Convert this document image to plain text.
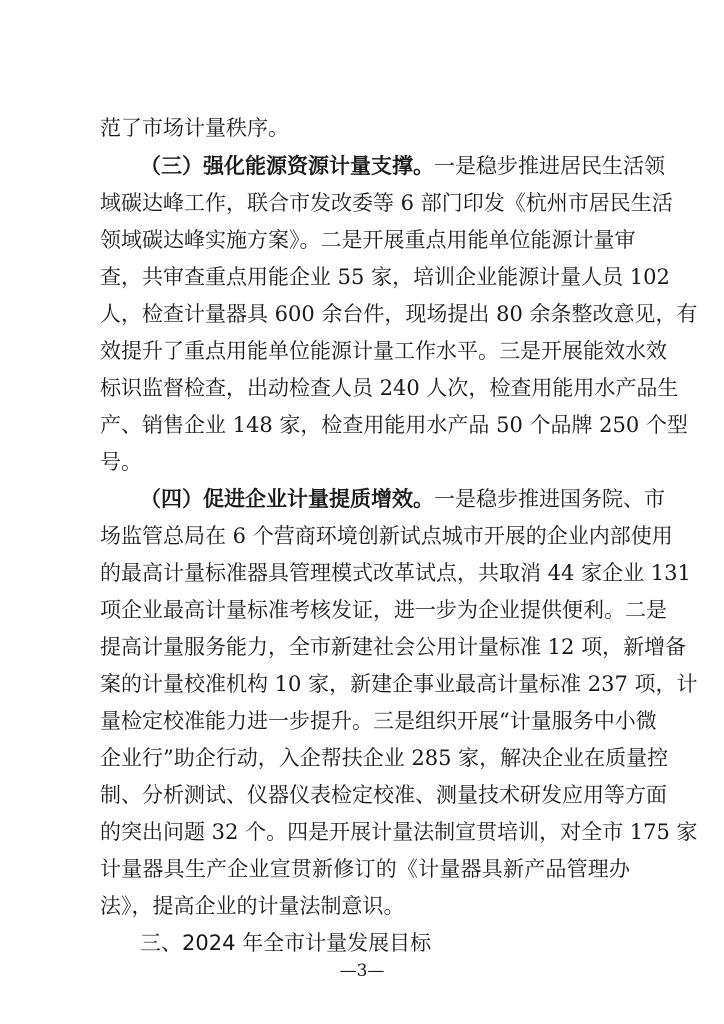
范了市场计量秩序。
（三）强化能源资源计量支撑。一是稳步推进居民生活领
域碳达峰工作，联合市发改委等 6 部门印发《杭州市居民生活
领域碳达峰实施方案》。二是开展重点用能单位能源计量审
查，共审查重点用能企业 55 家，培训企业能源计量人员 102
人，检查计量器具 600 余台件，现场提出 80 余条整改意见，有
效提升了重点用能单位能源计量工作水平。三是开展能效水效
标识监督检查，出动检查人员 240 人次，检查用能用水产品生
产、销售企业 148 家，检查用能用水产品 50 个品牌 250 个型
号。
（四）促进企业计量提质增效。一是稳步推进国务院、市
场监管总局在 6 个营商环境创新试点城市开展的企业内部使用
的最高计量标准器具管理模式改革试点，共取消 44 家企业 131
项企业最高计量标准考核发证，进一步为企业提供便利。二是
提高计量服务能力，全市新建社会公用计量标准 12 项，新增备
案的计量校准机构 10 家，新建企事业最高计量标准 237 项，计
量检定校准能力进一步提升。三是组织开展“计量服务中小微
企业行”助企行动，入企帮扶企业 285 家，解决企业在质量控
制、分析测试、仪器仪表检定校准、测量技术研发应用等方面
的突出问题 32 个。四是开展计量法制宣贯培训，对全市 175 家
计量器具生产企业宣贯新修订的《计量器具新产品管理办
法》，提高企业的计量法制意识。
三、2024 年全市计量发展目标
—3—
